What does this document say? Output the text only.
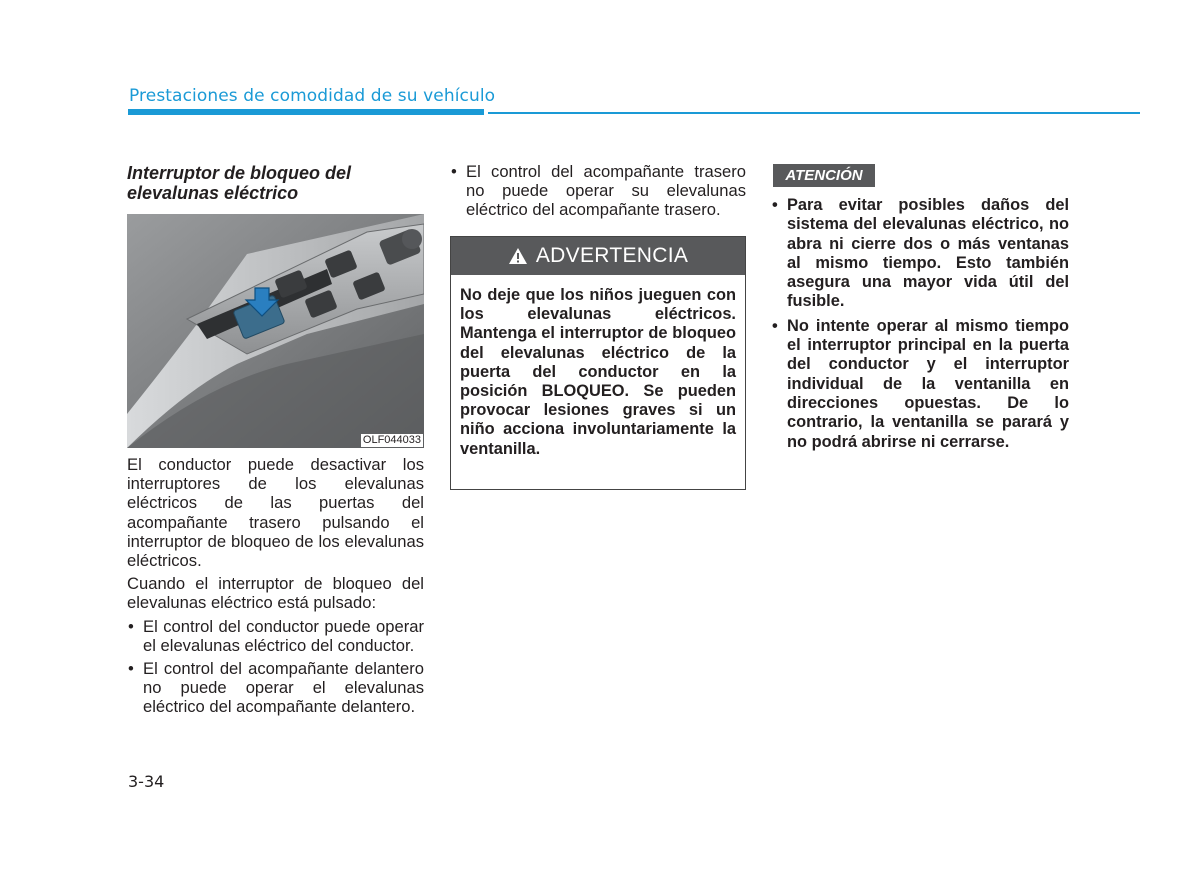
Prestaciones de comodidad de su vehículo
Interruptor de bloqueo del elevalunas eléctrico
OLF044033

El conductor puede desactivar los interruptores de los elevalunas eléctricos de las puertas del acompañante trasero pulsando el interruptor de bloqueo de los elevalunas eléctricos.

Cuando el interruptor de bloqueo del elevalunas eléctrico está pulsado:

• El control del conductor puede operar el elevalunas eléctrico del conductor.
• El control del acompañante delantero no puede operar el elevalunas eléctrico del acompañante delantero.
• El control del acompañante trasero no puede operar su elevalunas eléctrico del acompañante trasero.
ADVERTENCIA
No deje que los niños jueguen con los elevalunas eléctricos. Mantenga el interruptor de bloqueo del elevalunas eléctrico de la puerta del conductor en la posición BLOQUEO. Se pueden provocar lesiones graves si un niño acciona involuntariamente la ventanilla.
ATENCIÓN
• Para evitar posibles daños del sistema del elevalunas eléctrico, no abra ni cierre dos o más ventanas al mismo tiempo. Esto también asegura una mayor vida útil del fusible.
• No intente operar al mismo tiempo el interruptor principal en la puerta del conductor y el interruptor individual de la ventanilla en direcciones opuestas. De lo contrario, la ventanilla se parará y no podrá abrirse ni cerrarse.
3-34
